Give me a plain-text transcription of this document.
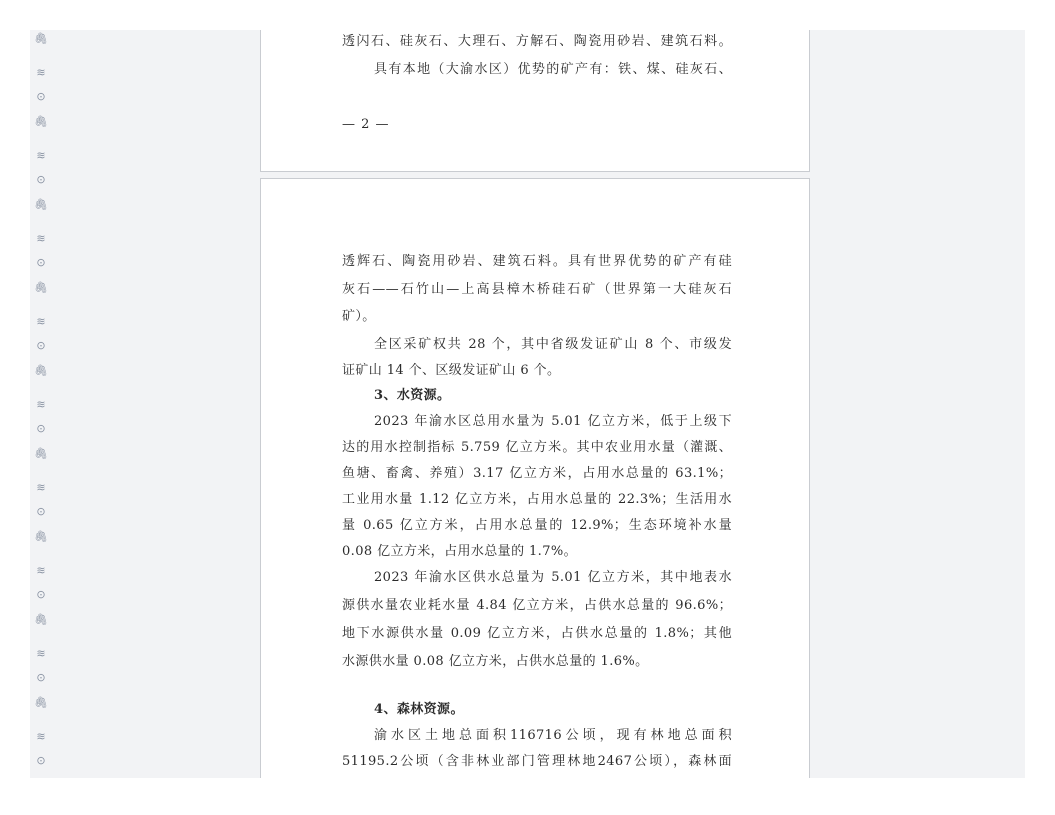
🖇
≋
⊙
🖇
≋
⊙
🖇
≋
⊙
🖇
≋
⊙
🖇
≋
⊙
🖇
≋
⊙
🖇
≋
⊙
🖇
≋
⊙
🖇
≋
⊙
透闪石、硅灰石、大理石、方解石、陶瓷用砂岩、建筑石料。
具有本地（大渝水区）优势的矿产有：铁、煤、硅灰石、
— 2 —
透辉石、陶瓷用砂岩、建筑石料。具有世界优势的矿产有硅
灰石——石竹山—上高县樟木桥硅石矿（世界第一大硅灰石
矿）。
全区采矿权共 28 个，其中省级发证矿山 8 个、市级发
证矿山 14 个、区级发证矿山 6 个。
3、水资源。
2023 年渝水区总用水量为 5.01 亿立方米，低于上级下
达的用水控制指标 5.759 亿立方米。其中农业用水量（灌溉、
鱼塘、畜禽、养殖）3.17 亿立方米，占用水总量的 63.1%；
工业用水量 1.12 亿立方米，占用水总量的 22.3%；生活用水
量 0.65 亿立方米，占用水总量的 12.9%；生态环境补水量
0.08 亿立方米，占用水总量的 1.7%。
2023 年渝水区供水总量为 5.01 亿立方米，其中地表水
源供水量农业耗水量 4.84 亿立方米，占供水总量的 96.6%；
地下水源供水量 0.09 亿立方米，占供水总量的 1.8%；其他
水源供水量 0.08 亿立方米，占供水总量的 1.6%。
4、森林资源。
渝水区土地总面积116716公顷，现有林地总面积
51195.2公顷（含非林业部门管理林地2467公顷），森林面
